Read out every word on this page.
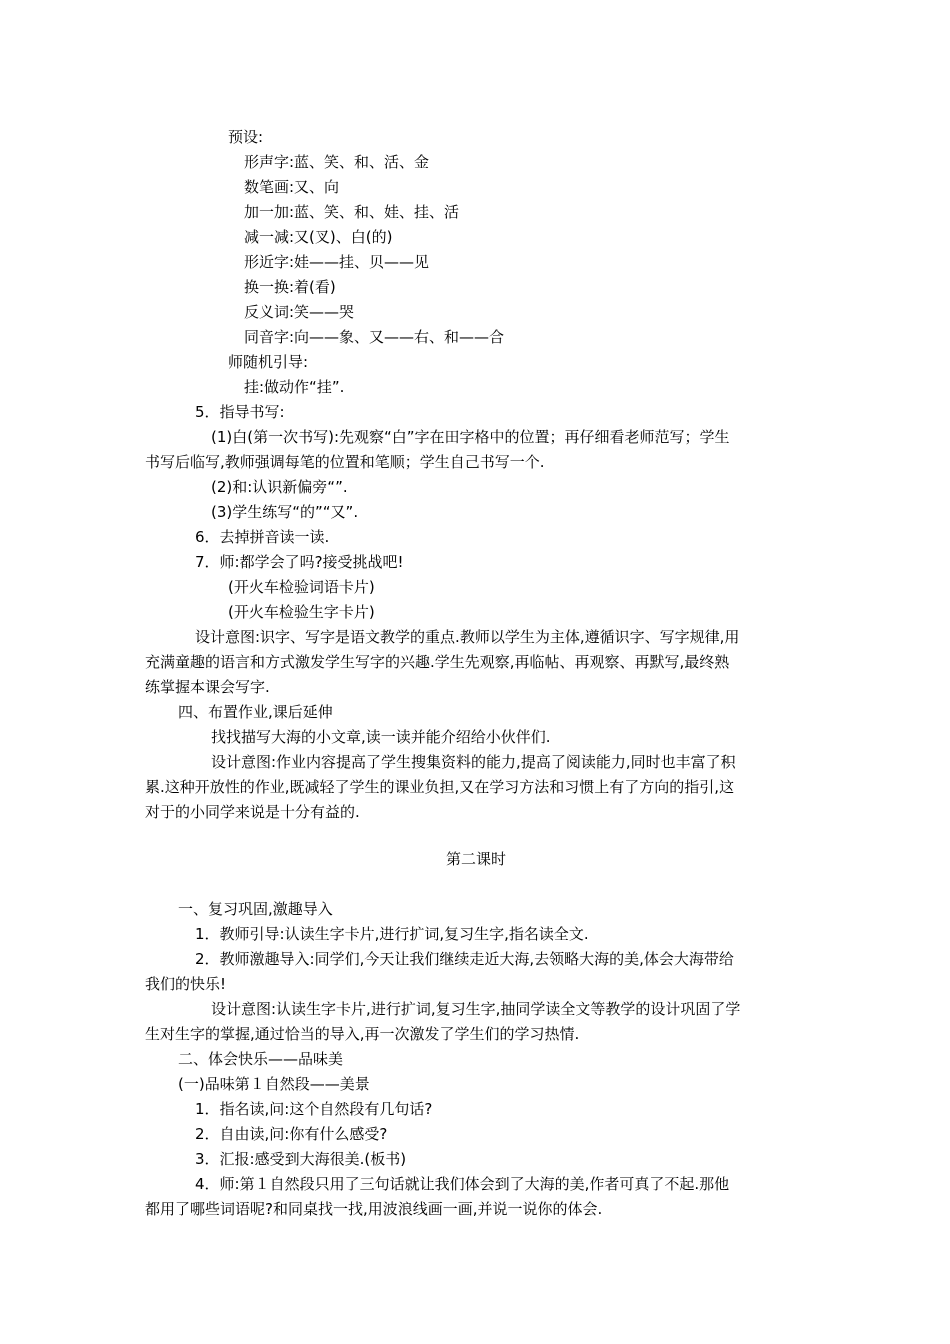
预设:
形声字:蓝、笑、和、活、金
数笔画:又、向
加一加:蓝、笑、和、娃、挂、活
减一减:又(叉)、白(的)
形近字:娃——挂、贝——见
换一换:着(看)
反义词:笑——哭
同音字:向——象、又——右、和——合
师随机引导:
挂:做动作“挂”.
5．指导书写:
(1)白(第一次书写):先观察“白”字在田字格中的位置；再仔细看老师范写；学生
书写后临写,教师强调每笔的位置和笔顺；学生自己书写一个.
(2)和:认识新偏旁“”.
(3)学生练写“的”“又”.
6．去掉拼音读一读.
7．师:都学会了吗?接受挑战吧!
(开火车检验词语卡片)
(开火车检验生字卡片)
设计意图:识字、写字是语文教学的重点.教师以学生为主体,遵循识字、写字规律,用
充满童趣的语言和方式激发学生写字的兴趣.学生先观察,再临帖、再观察、再默写,最终熟
练掌握本课会写字.
四、布置作业,课后延伸
找找描写大海的小文章,读一读并能介绍给小伙伴们.
设计意图:作业内容提高了学生搜集资料的能力,提高了阅读能力,同时也丰富了积
累.这种开放性的作业,既减轻了学生的课业负担,又在学习方法和习惯上有了方向的指引,这
对于的小同学来说是十分有益的.
第二课时
一、复习巩固,激趣导入
1．教师引导:认读生字卡片,进行扩词,复习生字,指名读全文.
2．教师激趣导入:同学们,今天让我们继续走近大海,去领略大海的美,体会大海带给
我们的快乐!
设计意图:认读生字卡片,进行扩词,复习生字,抽同学读全文等教学的设计巩固了学
生对生字的掌握,通过恰当的导入,再一次激发了学生们的学习热情.
二、体会快乐——品味美
(一)品味第１自然段——美景
1．指名读,问:这个自然段有几句话?
2．自由读,问:你有什么感受?
3．汇报:感受到大海很美.(板书)
4．师:第１自然段只用了三句话就让我们体会到了大海的美,作者可真了不起.那他
都用了哪些词语呢?和同桌找一找,用波浪线画一画,并说一说你的体会.
